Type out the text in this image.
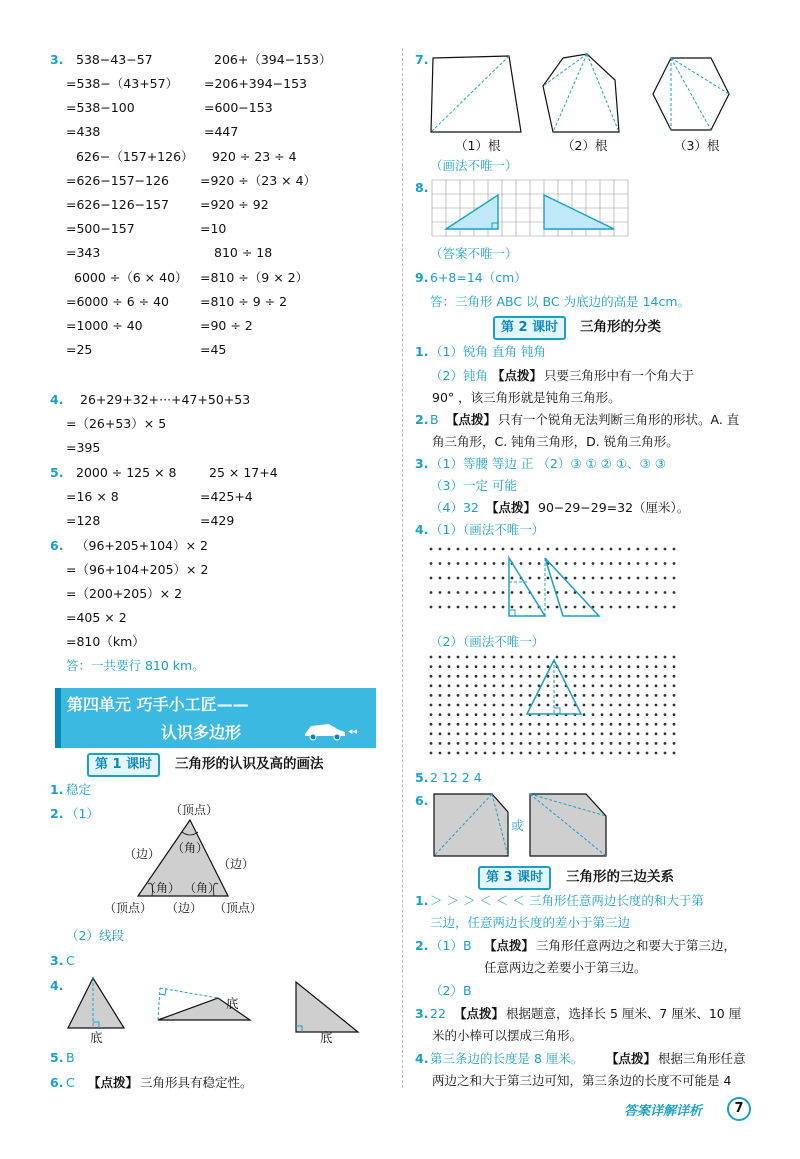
3. 538−43−57
=538−（43+57）
=538−100
=438
626−（157+126）
=626−157−126
=626−126−157
=500−157
=343
6000 ÷（6 × 40）
=6000 ÷ 6 ÷ 40
=1000 ÷ 40
=25
206+（394−153）
=206+394−153
=600−153
=447
920 ÷ 23 ÷ 4
=920 ÷（23 × 4）
=920 ÷ 92
=10
810 ÷ 18
=810 ÷（9 × 2）
=810 ÷ 9 ÷ 2
=90 ÷ 2
=45
4. 26+29+32+···+47+50+53
=（26+53）× 5
=395
5. 2000 ÷ 125 × 8
=16 × 8
=128
25 × 17+4
=425+4
=429
6. （96+205+104）× 2
=（96+104+205）× 2
=（200+205）× 2
=405 × 2
=810（km）
答：一共要行 810 km。
第四单元 巧手小工匠——
认识多边形	◂◂
第 1 课时	三角形的认识及高的画法
1. 稳定
2. （1）	（顶点）
（边）
（边）
（角）
（角） （角）
（顶点） （边） （顶点）
（2）线段
3. C
4.
底
底
底
5. B
6. C 【点拨】 三角形具有稳定性。
7.
（1）根	（2）根	（3）根
（画法不唯一）
8.
（答案不唯一）
9. 6+8=14（cm）
答：三角形 ABC 以 BC 为底边的高是 14cm。
第 2 课时	三角形的分类
1. （1）锐角 直角 钝角
（2）钝角 【点拨】 只要三角形中有一个角大于
90° ，该三角形就是钝角三角形。
2. B 【点拨】 只有一个锐角无法判断三角形的形状。A. 直
角三角形，C. 钝角三角形，D. 锐角三角形。
3. （1）等腰 等边 正 （2）③ ① ② ①、③ ③
（3）一定 可能
（4）32 【点拨】 90−29−29=32（厘米）。
4. （1）（画法不唯一）
（2）（画法不唯一）
5. 2 12 2 4
6.
或
第 3 课时	三角形的三边关系
1. ＞ ＞ ＞ ＜ ＜ ＜ 三角形任意两边长度的和大于第
三边，任意两边长度的差小于第三边
2. （1）B 【点拨】 三角形任意两边之和要大于第三边，
任意两边之差要小于第三边。
（2）B
3. 22 【点拨】 根据题意，选择长 5 厘米、7 厘米、10 厘
米的小棒可以摆成三角形。
4. 第三条边的长度是 8 厘米。 【点拨】 根据三角形任意
两边之和大于第三边可知，第三条边的长度不可能是 4
答案详解详析	7
